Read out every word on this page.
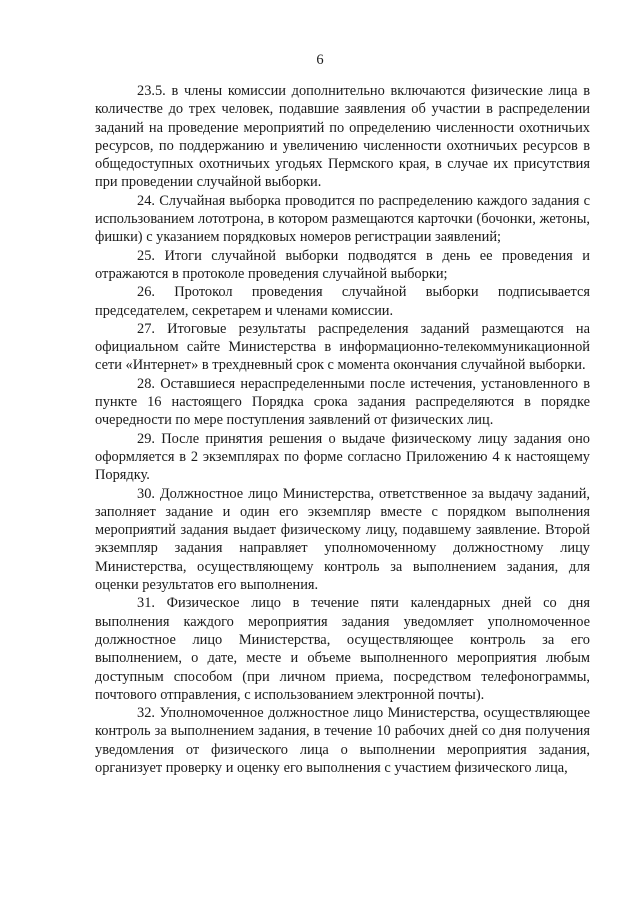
6

23.5. в члены комиссии дополнительно включаются физические лица в количестве до трех человек, подавшие заявления об участии в распределении заданий на проведение мероприятий по определению численности охотничьих ресурсов, по поддержанию и увеличению численности охотничьих ресурсов в общедоступных охотничьих угодьях Пермского края, в случае их присутствия при проведении случайной выборки.

24. Случайная выборка проводится по распределению каждого задания с использованием лототрона, в котором размещаются карточки (бочонки, жетоны, фишки) с указанием порядковых номеров регистрации заявлений;

25. Итоги случайной выборки подводятся в день ее проведения и отражаются в протоколе проведения случайной выборки;

26. Протокол проведения случайной выборки подписывается председателем, секретарем и членами комиссии.

27. Итоговые результаты распределения заданий размещаются на официальном сайте Министерства в информационно-телекоммуникационной сети «Интернет» в трехдневный срок с момента окончания случайной выборки.

28. Оставшиеся нераспределенными после истечения, установленного в пункте 16 настоящего Порядка срока задания распределяются в порядке очередности по мере поступления заявлений от физических лиц.

29. После принятия решения о выдаче физическому лицу задания оно оформляется в 2 экземплярах по форме согласно Приложению 4 к настоящему Порядку.

30. Должностное лицо Министерства, ответственное за выдачу заданий, заполняет задание и один его экземпляр вместе с порядком выполнения мероприятий задания выдает физическому лицу, подавшему заявление. Второй экземпляр задания направляет уполномоченному должностному лицу Министерства, осуществляющему контроль за выполнением задания, для оценки результатов его выполнения.

31. Физическое лицо в течение пяти календарных дней со дня выполнения каждого мероприятия задания уведомляет уполномоченное должностное лицо Министерства, осуществляющее контроль за его выполнением, о дате, месте и объеме выполненного мероприятия любым доступным способом (при личном приема, посредством телефонограммы, почтового отправления, с использованием электронной почты).

32. Уполномоченное должностное лицо Министерства, осуществляющее контроль за выполнением задания, в течение 10 рабочих дней со дня получения уведомления от физического лица о выполнении мероприятия задания, организует проверку и оценку его выполнения с участием физического лица,
